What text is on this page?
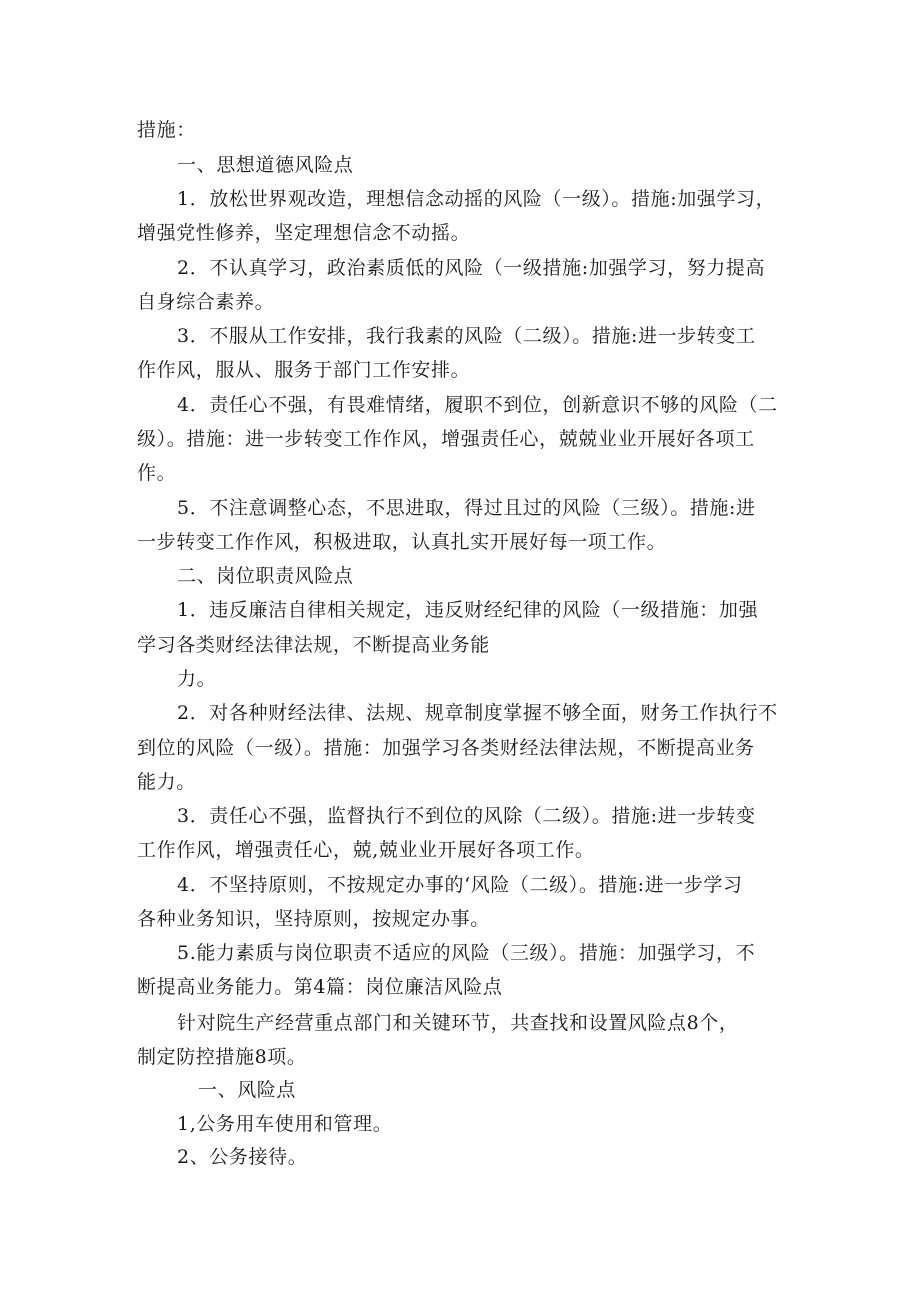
措施：
一、思想道德风险点
1．放松世界观改造，理想信念动摇的风险（一级）。措施:加强学习，
增强党性修养，坚定理想信念不动摇。
2．不认真学习，政治素质低的风险（一级措施:加强学习，努力提高
自身综合素养。
3．不服从工作安排，我行我素的风险（二级）。措施:进一步转变工
作作风，服从、服务于部门工作安排。
4．责任心不强，有畏难情绪，履职不到位，创新意识不够的风险（二
级）。措施：进一步转变工作作风，增强责任心，兢兢业业开展好各项工
作。
5．不注意调整心态，不思进取，得过且过的风险（三级）。措施:进
一步转变工作作风，积极进取，认真扎实开展好每一项工作。
二、岗位职责风险点
1．违反廉洁自律相关规定，违反财经纪律的风险（一级措施：加强
学习各类财经法律法规，不断提高业务能
力。
2．对各种财经法律、法规、规章制度掌握不够全面，财务工作执行不
到位的风险（一级）。措施：加强学习各类财经法律法规，不断提高业务
能力。
3．责任心不强，监督执行不到位的风除（二级）。措施:进一步转变
工作作风，增强责任心，兢,兢业业开展好各项工作。
4．不坚持原则，不按规定办事的‘风险（二级）。措施:进一步学习
各种业务知识，坚持原则，按规定办事。
5.能力素质与岗位职责不适应的风险（三级）。措施：加强学习，不
断提高业务能力。第4篇：岗位廉洁风险点
针对院生产经营重点部门和关键环节，共查找和设置风险点8个，
制定防控措施8项。
一、风险点
1,公务用车使用和管理。
2、公务接待。
